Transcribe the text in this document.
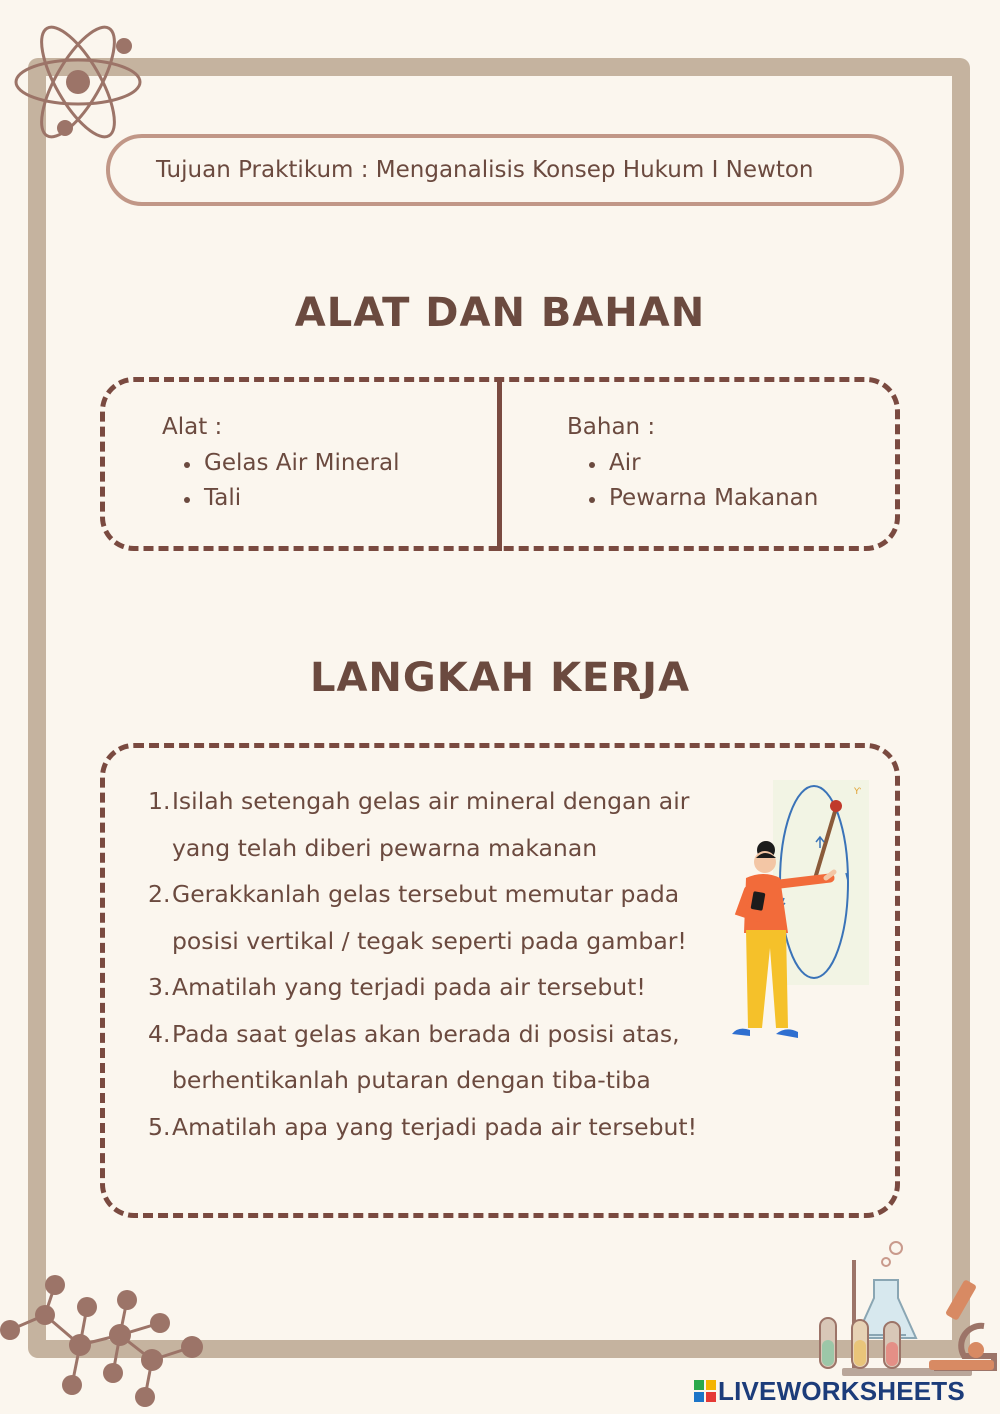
Tujuan Praktikum : Menganalisis Konsep Hukum I Newton
ALAT DAN BAHAN
Alat :
Gelas Air Mineral
Tali
Bahan :
Air
Pewarna Makanan
LANGKAH KERJA
1. Isilah setengah gelas air mineral dengan air
yang telah diberi pewarna makanan
2. Gerakkanlah gelas tersebut memutar pada
posisi vertikal / tegak seperti pada gambar!
3. Amatilah yang terjadi pada air tersebut!
4. Pada saat gelas akan berada di posisi atas,
berhentikanlah putaran dengan tiba-tiba
5. Amatilah apa yang terjadi pada air tersebut!
Ƴ
LIVEWORKSHEETS
